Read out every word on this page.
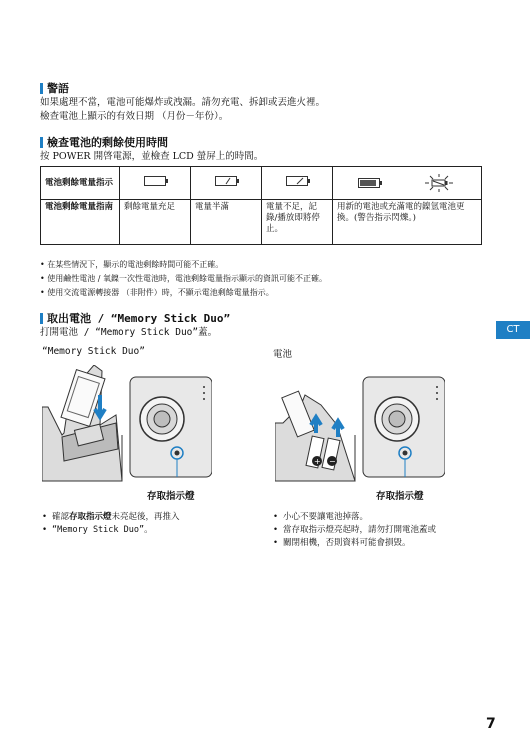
警語
如果處理不當，電池可能爆炸或洩漏。請勿充電、拆卸或丟進火裡。
檢查電池上顯示的有效日期 （月份－年份）。
檢查電池的剩餘使用時間
按 POWER 開啓電源，並檢查 LCD 螢屏上的時間。
電池剩餘電量指示	

電池剩餘電量指南	剩餘電量充足	電量半滿	電量不足，記錄/播放即將停止。	用新的電池或充滿電的鎳氫電池更換。(警告指示閃爍。)
• 在某些情況下，顯示的電池剩餘時間可能不正確。
• 使用鹼性電池 / 氧鎳一次性電池時，電池剩餘電量指示顯示的資訊可能不正確。
• 使用交流電源轉接器 （非附件）時，不顯示電池剩餘電量指示。
取出電池 / “Memory Stick Duo”
打開電池 / “Memory Stick Duo”蓋。	CT
“Memory Stick Duo”	電池
存取指示燈
+ −
存取指示燈
• 確認存取指示燈未亮起後，再推入
• “Memory Stick Duo”。
• 小心不要讓電池掉落。
• 當存取指示燈亮起時，請勿打開電池蓋或
• 關閉相機，否則資料可能會損毀。
7
